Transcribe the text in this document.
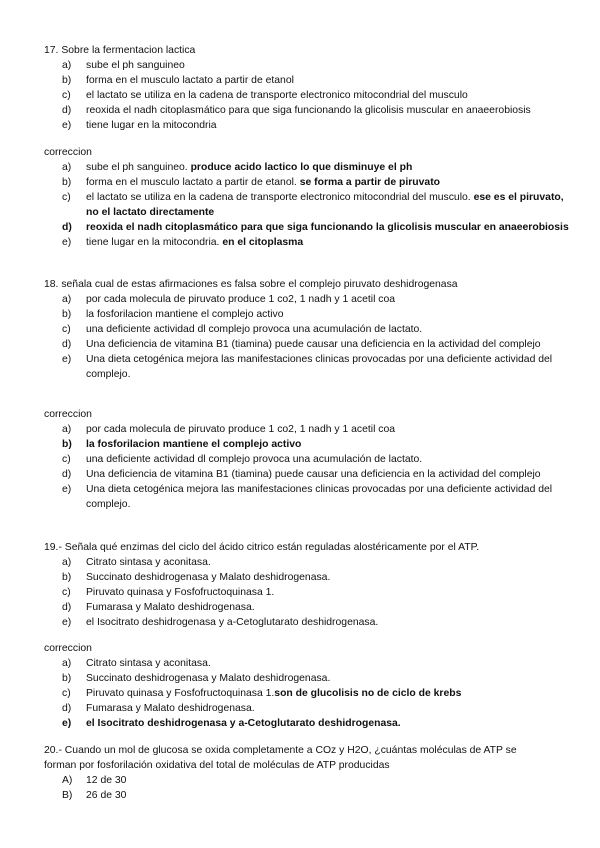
17. Sobre la fermentacion lactica
a) sube el ph sanguineo
b) forma en el musculo lactato a partir de etanol
c) el lactato se utiliza en la cadena de transporte electronico mitocondrial del musculo
d) reoxida el nadh citoplasmático para que siga funcionando la glicolisis muscular en anaeerobiosis
e) tiene lugar en la mitocondria
correccion
a) sube el ph sanguineo. produce acido lactico lo que disminuye el ph
b) forma en el musculo lactato a partir de etanol. se forma a partir de piruvato
c) el lactato se utiliza en la cadena de transporte electronico mitocondrial del musculo. ese es el piruvato, no el lactato directamente
d) reoxida el nadh citoplasmático para que siga funcionando la glicolisis muscular en anaeerobiosis
e) tiene lugar en la mitocondria. en el citoplasma
18. señala cual de estas afirmaciones es falsa sobre el complejo piruvato deshidrogenasa
a) por cada molecula de piruvato produce 1 co2, 1 nadh y 1 acetil coa
b) la fosforilacion mantiene el complejo activo
c) una deficiente actividad dl complejo provoca una acumulación de lactato.
d) Una deficiencia de vitamina B1 (tiamina) puede causar una deficiencia en la actividad del complejo
e) Una dieta cetogénica mejora las manifestaciones clinicas provocadas por una deficiente actividad del complejo.
correccion
a) por cada molecula de piruvato produce 1 co2, 1 nadh y 1 acetil coa
b) la fosforilacion mantiene el complejo activo
c) una deficiente actividad dl complejo provoca una acumulación de lactato.
d) Una deficiencia de vitamina B1 (tiamina) puede causar una deficiencia en la actividad del complejo
e) Una dieta cetogénica mejora las manifestaciones clinicas provocadas por una deficiente actividad del complejo.
19.- Señala qué enzimas del ciclo del ácido citrico están reguladas alostéricamente por el ATP.
a) Citrato sintasa y aconitasa.
b) Succinato deshidrogenasa y Malato deshidrogenasa.
c) Piruvato quinasa y Fosfofructoquinasa 1.
d) Fumarasa y Malato deshidrogenasa.
e) el Isocitrato deshidrogenasa y a-Cetoglutarato deshidrogenasa.
correccion
a) Citrato sintasa y aconitasa.
b) Succinato deshidrogenasa y Malato deshidrogenasa.
c) Piruvato quinasa y Fosfofructoquinasa 1.son de glucolisis no de ciclo de krebs
d) Fumarasa y Malato deshidrogenasa.
e) el Isocitrato deshidrogenasa y a-Cetoglutarato deshidrogenasa.
20.- Cuando un mol de glucosa se oxida completamente a COz y H2O, ¿cuántas moléculas de ATP se
forman por fosforilación oxidativa del total de moléculas de ATP producidas
A) 12 de 30
B) 26 de 30
